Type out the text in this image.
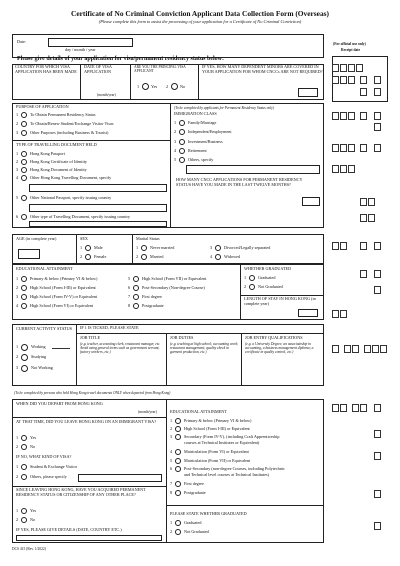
Certificate of No Criminal Conviction Applicant Data Collection Form (Overseas)
(Please complete this form to assist the processing of your application for a Certificate of No Criminal Conviction)
(For official use only)
Receipt date
Date:
day / month / year
Please give details of your application for visa/permanent residency status below:
COUNTRY FOR WHICH VISA APPLICATION HAS BEEN MADE
DATE OF VISA APPLICATION
(month/year)
ARE YOU THE PRINCIPAL VISA APPLICANT
1	Yes 2	No
IF YES, HOW MANY DEPENDENT MINORS ARE COVERED IN YOUR APPLICATION FOR WHOM CNCCs ARE NOT REQUIRED?
PURPOSE OF APPLICATION
1	To Obtain Permanent Residency Status
2	To Obtain/Renew Student/Exchange Visitor Visas
3	Other Purposes (including Business & Tourist)
TYPE OF TRAVELLING DOCUMENT HELD
1	Hong Kong Passport
2	Hong Kong Certificate of Identity
3	Hong Kong Document of Identity
4	Other Hong Kong Travelling Document, specify
5	Other National Passport, specify issuing country
6	Other type of Travelling Document, specify issuing country
(To be completed by applicants for Permanent Residency Status only)
IMMIGRATION CLASS
1	Family/Marriage
2	Independent/Employment
3	Investment/Business
4	Retirement
5	Others, specify
HOW MANY CNCC APPLICATIONS FOR PERMANENT RESIDENCY STATUS HAVE YOU MADE IN THE LAST TWELVE MONTHS?
AGE (in complete year)	SEX
1	Male
2	Female
Marital Status
1	Never married
2	Married
3	Divorced/Legally separated
4	Widowed
EDUCATIONAL ATTAINMENT
1	Primary & below (Primary VI & below)
2	High School (Form I-III) or Equivalent
3	High School (Form IV-V) or Equivalent
4	High School (Form VI) or Equivalent
5	High School (Form VII) or Equivalent
6	Post-Secondary (Non-degree Course)
7	First degree
8	Postgraduate
WHETHER GRADUATED
1	Graduated
2	Not Graduated
LENGTH OF STAY IN HONG KONG (in complete year)
CURRENT ACTIVITY STATUS
1	Working
2	Studying
3	Not Working
IF 1 IS TICKED, PLEASE STATE
JOB TITLE
(e.g. teacher, accounting clerk, restaurant manager, etc. Avoid using general terms such as government servant, factory workers, etc.)
JOB DUTIES
(e.g. teaching at high school; accounting work; restaurant management; quality check in garment production, etc.)
JOB ENTRY QUALIFICATIONS
(e.g. a University Degree; an associateship in accounting, a business management diploma; a certificate in quality control, etc.)
(To be completed by persons who held Hong Kong travel documents ONLY when departed from Hong Kong)
WHEN DID YOU DEPART FROM HONG KONG
(month/year)
AT THAT TIME, DID YOU LEAVE HONG KONG ON AN IMMIGRANT VISA?
1	Yes
2	No
IF NO, WHAT KIND OF VISA?
1	Student & Exchange Visitor
2	Others, please specify
SINCE LEAVING HONG KONG, HAVE YOU ACQUIRED PERMANENT RESIDENCY STATUS OR CITIZENSHIP OF ANY OTHER PLACE?
1	Yes
2	No
IF YES, PLEASE GIVE DETAILS (DATE, COUNTRY ETC.)
EDUCATIONAL ATTAINMENT
1	Primary & below (Primary VI & below)
2	High School (Form I-III) or Equivalent
3	Secondary (Form IV-V), (including Craft Apprenticeship
courses at Technical Institutes or Equivalent)
4	Matriculation (Form VI) or Equivalent
5	Matriculation (Form VII) or Equivalent
6	Post-Secondary (non-degree Courses, including Polytechnic
and Technical level courses at Technical Institutes)
7	First degree
8	Postgraduate
PLEASE STATE WHETHER GRADUATED
1	Graduated
2	Not Graduated
DCS 415 (Rev. 1/2022)
